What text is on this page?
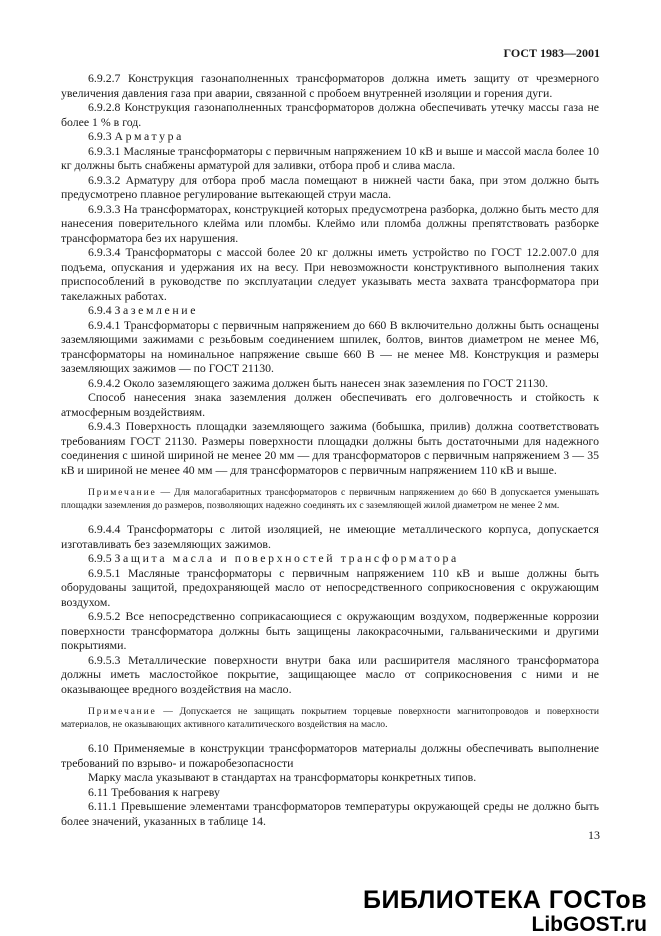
ГОСТ 1983—2001

6.9.2.7 Конструкция газонаполненных трансформаторов должна иметь защиту от чрезмерного увеличения давления газа при аварии, связанной с пробоем внутренней изоляции и горения дуги.

6.9.2.8 Конструкция газонаполненных трансформаторов должна обеспечивать утечку массы газа не более 1 % в год.

6.9.3 Арматура

6.9.3.1 Масляные трансформаторы с первичным напряжением 10 кВ и выше и массой масла более 10 кг должны быть снабжены арматурой для заливки, отбора проб и слива масла.

6.9.3.2 Арматуру для отбора проб масла помещают в нижней части бака, при этом должно быть предусмотрено плавное регулирование вытекающей струи масла.

6.9.3.3 На трансформаторах, конструкцией которых предусмотрена разборка, должно быть место для нанесения поверительного клейма или пломбы. Клеймо или пломба должны препятствовать разборке трансформатора без их нарушения.

6.9.3.4 Трансформаторы с массой более 20 кг должны иметь устройство по ГОСТ 12.2.007.0 для подъема, опускания и удержания их на весу. При невозможности конструктивного выполнения таких приспособлений в руководстве по эксплуатации следует указывать места захвата трансформатора при такелажных работах.

6.9.4 Заземление

6.9.4.1 Трансформаторы с первичным напряжением до 660 В включительно должны быть оснащены заземляющими зажимами с резьбовым соединением шпилек, болтов, винтов диаметром не менее М6, трансформаторы на номинальное напряжение свыше 660 В — не менее М8. Конструкция и размеры заземляющих зажимов — по ГОСТ 21130.

6.9.4.2 Около заземляющего зажима должен быть нанесен знак заземления по ГОСТ 21130.

Способ нанесения знака заземления должен обеспечивать его долговечность и стойкость к атмосферным воздействиям.

6.9.4.3 Поверхность площадки заземляющего зажима (бобышка, прилив) должна соответствовать требованиям ГОСТ 21130. Размеры поверхности площадки должны быть достаточными для надежного соединения с шиной шириной не менее 20 мм — для трансформаторов с первичным напряжением 3 — 35 кВ и шириной не менее 40 мм — для трансформаторов с первичным напряжением 110 кВ и выше.

Примечание — Для малогабаритных трансформаторов с первичным напряжением до 660 В допускается уменьшать площадки заземления до размеров, позволяющих надежно соединять их с заземляющей жилой диаметром не менее 2 мм.

6.9.4.4 Трансформаторы с литой изоляцией, не имеющие металлического корпуса, допускается изготавливать без заземляющих зажимов.

6.9.5 Защита масла и поверхностей трансформатора

6.9.5.1 Масляные трансформаторы с первичным напряжением 110 кВ и выше должны быть оборудованы защитой, предохраняющей масло от непосредственного соприкосновения с окружающим воздухом.

6.9.5.2 Все непосредственно соприкасающиеся с окружающим воздухом, подверженные коррозии поверхности трансформатора должны быть защищены лакокрасочными, гальваническими и другими покрытиями.

6.9.5.3 Металлические поверхности внутри бака или расширителя масляного трансформатора должны иметь маслостойкое покрытие, защищающее масло от соприкосновения с ними и не оказывающее вредного воздействия на масло.

Примечание — Допускается не защищать покрытием торцевые поверхности магнитопроводов и поверхности материалов, не оказывающих активного каталитического воздействия на масло.

6.10 Применяемые в конструкции трансформаторов материалы должны обеспечивать выполнение требований по взрыво- и пожаробезопасности

Марку масла указывают в стандартах на трансформаторы конкретных типов.

6.11 Требования к нагреву

6.11.1 Превышение элементами трансформаторов температуры окружающей среды не должно быть более значений, указанных в таблице 14.

13
БИБЛИОТЕКА ГОСТов
LibGOST.ru
